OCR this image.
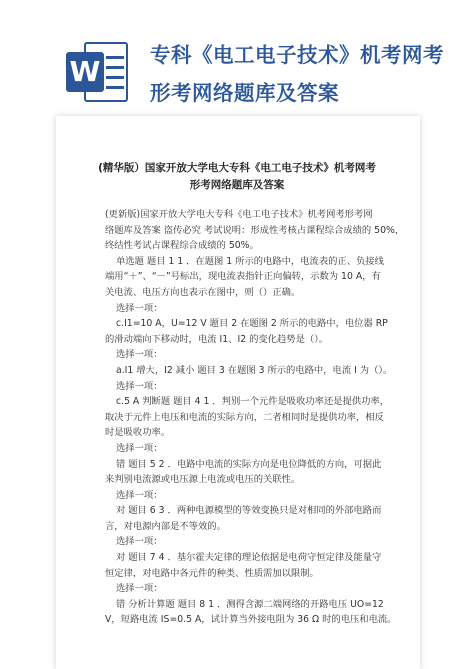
W 专科《电工电子技术》机考网考形考网络题库及答案
(精华版）国家开放大学电大专科《电工电子技术》机考网考
形考网络题库及答案

(更新版)国家开放大学电大专科《电工电子技术》机考网考形考网

络题库及答案 盗传必究 考试说明：形成性考核占课程综合成绩的 50%，

终结性考试占课程综合成绩的 50%。

单选题 题目 1 1 ．在题图 1 所示的电路中，电流表的正、负接线

端用“＋”、“－”号标出，现电流表指针正向偏转，示数为 10 A，有

关电流、电压方向也表示在图中，则（）正确。

选择一项：

c.I1=10 A，U=12 V 题目 2 在题图 2 所示的电路中，电位器 RP

的滑动端向下移动时，电流 I1、I2 的变化趋势是（）。

选择一项：

a.I1 增大，I2 减小 题目 3 在题图 3 所示的电路中，电流 I 为（）。

选择一项：

c.5 A 判断题 题目 4 1 ．判别一个元件是吸收功率还是提供功率，

取决于元件上电压和电流的实际方向，二者相同时是提供功率，相反

时是吸收功率。

选择一项：

错 题目 5 2 ．电路中电流的实际方向是电位降低的方向，可据此

来判别电流源或电压源上电流或电压的关联性。

选择一项：

对 题目 6 3 ．两种电源模型的等效变换只是对相同的外部电路而

言，对电源内部是不等效的。

选择一项：

对 题目 7 4 ．基尔霍夫定律的理论依据是电荷守恒定律及能量守

恒定律，对电路中各元件的种类、性质需加以限制。

选择一项：

错 分析计算题 题目 8 1 ．测得含源二端网络的开路电压 UO=12

V，短路电流 IS=0.5 A，试计算当外接电阻为 36 Ω 时的电压和电流。
